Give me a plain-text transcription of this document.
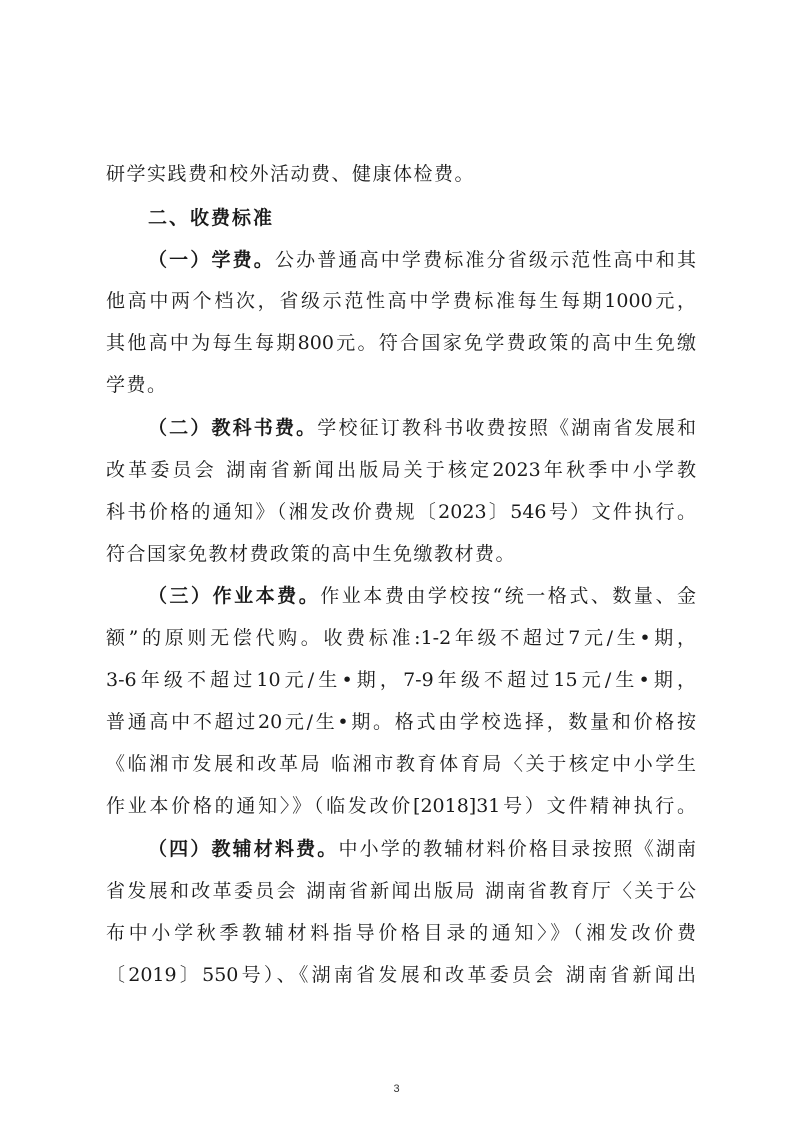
研学实践费和校外活动费、健康体检费。
二、收费标准
（一）学费。公办普通高中学费标准分省级示范性高中和其
他高中两个档次，省级示范性高中学费标准每生每期1000元，
其他高中为每生每期800元。符合国家免学费政策的高中生免缴
学费。
（二）教科书费。学校征订教科书收费按照《湖南省发展和
改革委员会 湖南省新闻出版局关于核定2023年秋季中小学教
科书价格的通知》（湘发改价费规〔2023〕546号）文件执行。
符合国家免教材费政策的高中生免缴教材费。
（三）作业本费。作业本费由学校按“统一格式、数量、金
额”的原则无偿代购。收费标准:1-2年级不超过7元/生•期，
3-6年级不超过10元/生•期，7-9年级不超过15元/生•期，
普通高中不超过20元/生•期。格式由学校选择，数量和价格按
《临湘市发展和改革局 临湘市教育体育局〈关于核定中小学生
作业本价格的通知〉》（临发改价[2018]31号）文件精神执行。
（四）教辅材料费。中小学的教辅材料价格目录按照《湖南
省发展和改革委员会 湖南省新闻出版局 湖南省教育厅〈关于公
布中小学秋季教辅材料指导价格目录的通知〉》（湘发改价费
〔2019〕550号）、《湖南省发展和改革委员会 湖南省新闻出
3
